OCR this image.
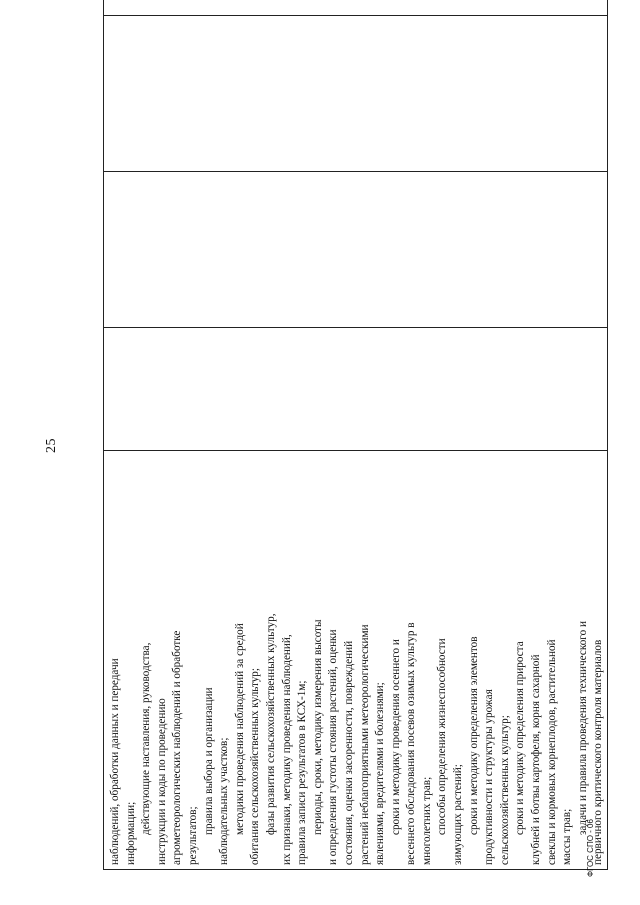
25
наблюдений, обработки данных и передачи информации; действующие наставления, руководства, инструкции и коды по проведению агрометеорологических наблюдений и обработке результатов;
правила выбора и организации наблюдательных участков; методики проведения наблюдений за средой обитания сельскохозяйственных культур; фазы развития сельскохозяйственных культур, их признаки, методику проведения наблюдений, правила записи результатов в КСХ-1м; периоды, сроки, методику измерения высоты и определения густоты стояния растений, оценки состояния, оценки засоренности, повреждений растений неблагоприятными метеорологическими явлениями, вредителями и болезнями; сроки и методику проведения осеннего и весеннего обследования посевов озимых культур в многолетних трав; способы определения жизнеспособности зимующих растений; сроки и методику определения элементов продуктивности и структуры урожая сельскохозяйственных культур; сроки и методику определения прироста клубней и ботвы картофеля, корня сахарной свеклы и кормовых корнеплодов, растительной массы трав;
задачи и правила проведения технического и первичного критического контроля материалов

ФГОС СПО - 06
